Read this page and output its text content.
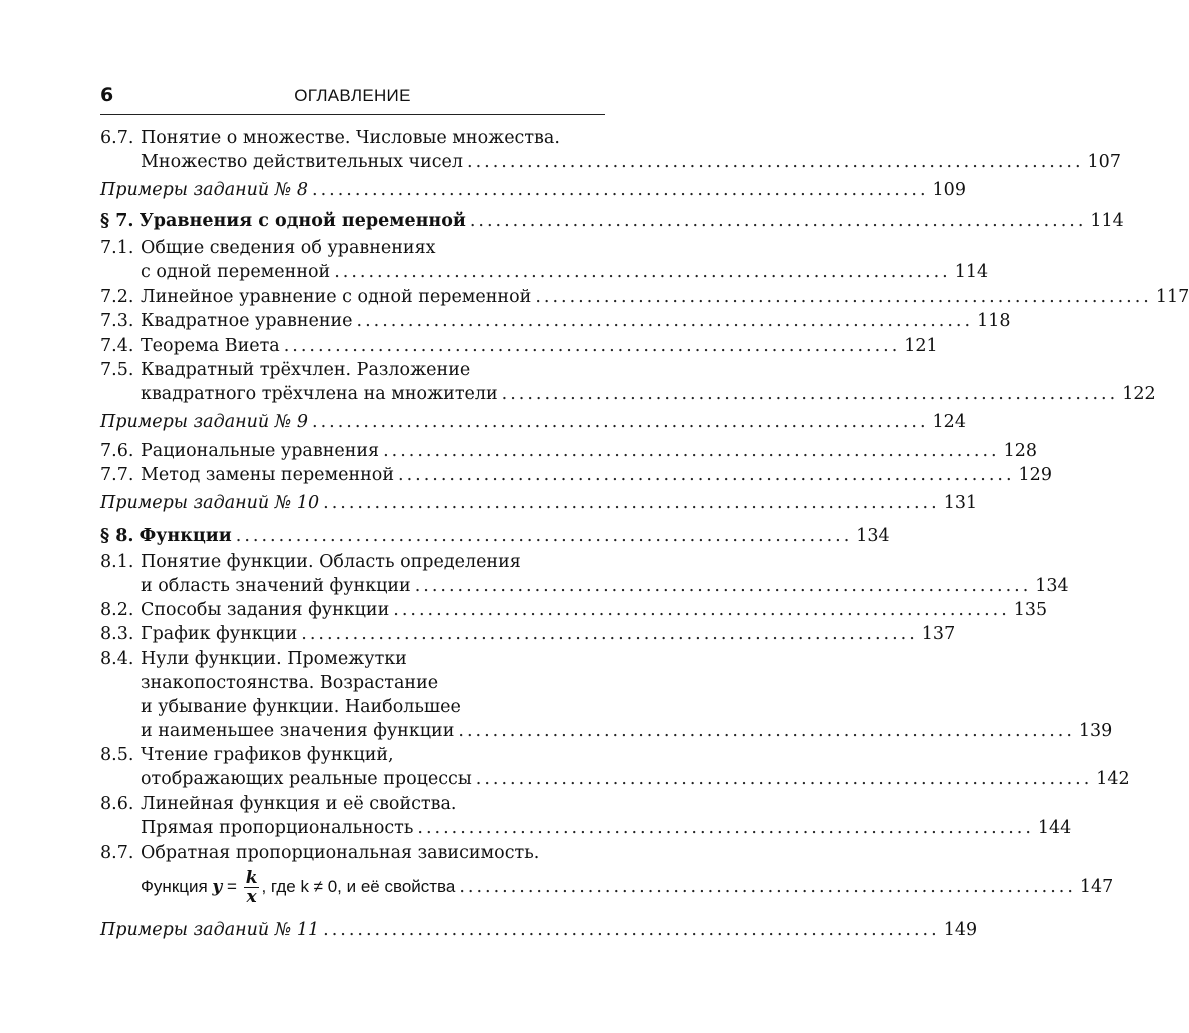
6	ОГЛАВЛЕНИЕ
6.7. Понятие о множестве. Числовые множества.
Множество действительных чисел ........................................................................ 107
Примеры заданий № 8 ........................................................................ 109
§ 7. Уравнения с одной переменной ........................................................................ 114
7.1. Общие сведения об уравнениях
с одной переменной ........................................................................ 114
7.2. Линейное уравнение с одной переменной ........................................................................ 117
7.3. Квадратное уравнение ........................................................................ 118
7.4. Теорема Виета ........................................................................ 121
7.5. Квадратный трёхчлен. Разложение
квадратного трёхчлена на множители ........................................................................ 122
Примеры заданий № 9 ........................................................................ 124
7.6. Рациональные уравнения ........................................................................ 128
7.7. Метод замены переменной ........................................................................ 129
Примеры заданий № 10 ........................................................................ 131
§ 8. Функции ........................................................................ 134
8.1. Понятие функции. Область определения
и область значений функции ........................................................................ 134
8.2. Способы задания функции ........................................................................ 135
8.3. График функции ........................................................................ 137
8.4. Нули функции. Промежутки
знакопостоянства. Возрастание
и убывание функции. Наибольшее
и наименьшее значения функции ........................................................................ 139
8.5. Чтение графиков функций,
отображающих реальные процессы ........................................................................ 142
8.6. Линейная функция и её свойства.
Прямая пропорциональность ........................................................................ 144
8.7. Обратная пропорциональная зависимость.
Функция $y = \frac{k}{x}$ , где k ≠ 0, и её свойства ........................................................................ 147
Примеры заданий № 11 ........................................................................ 149
